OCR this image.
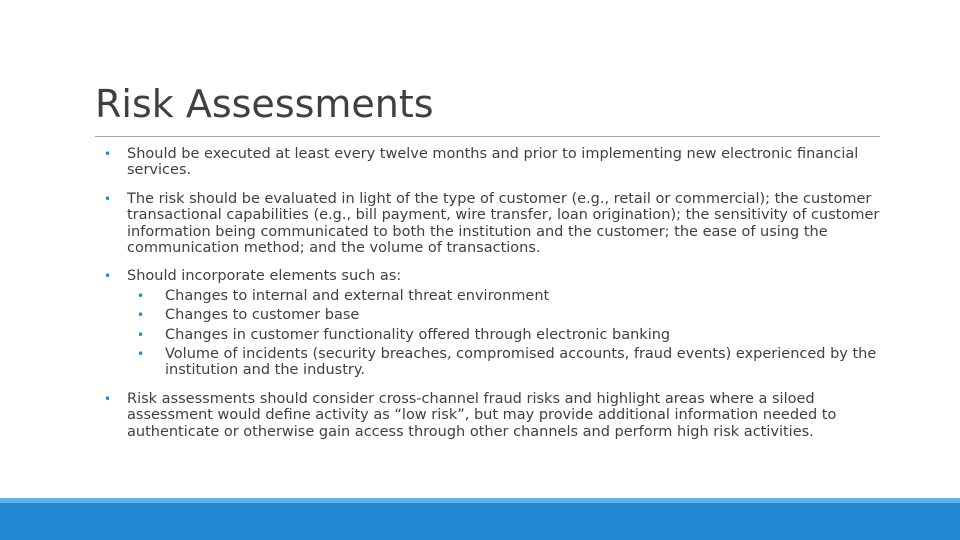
Risk Assessments
• Should be executed at least every twelve months and prior to implementing new electronic financial services.
• The risk should be evaluated in light of the type of customer (e.g., retail or commercial); the customer transactional capabilities (e.g., bill payment, wire transfer, loan origination); the sensitivity of customer information being communicated to both the institution and the customer; the ease of using the communication method; and the volume of transactions.
• Should incorporate elements such as:
• Changes to internal and external threat environment
• Changes to customer base
• Changes in customer functionality offered through electronic banking
• Volume of incidents (security breaches, compromised accounts, fraud events) experienced by the institution and the industry.
• Risk assessments should consider cross-channel fraud risks and highlight areas where a siloed assessment would define activity as “low risk”, but may provide additional information needed to authenticate or otherwise gain access through other channels and perform high risk activities.
